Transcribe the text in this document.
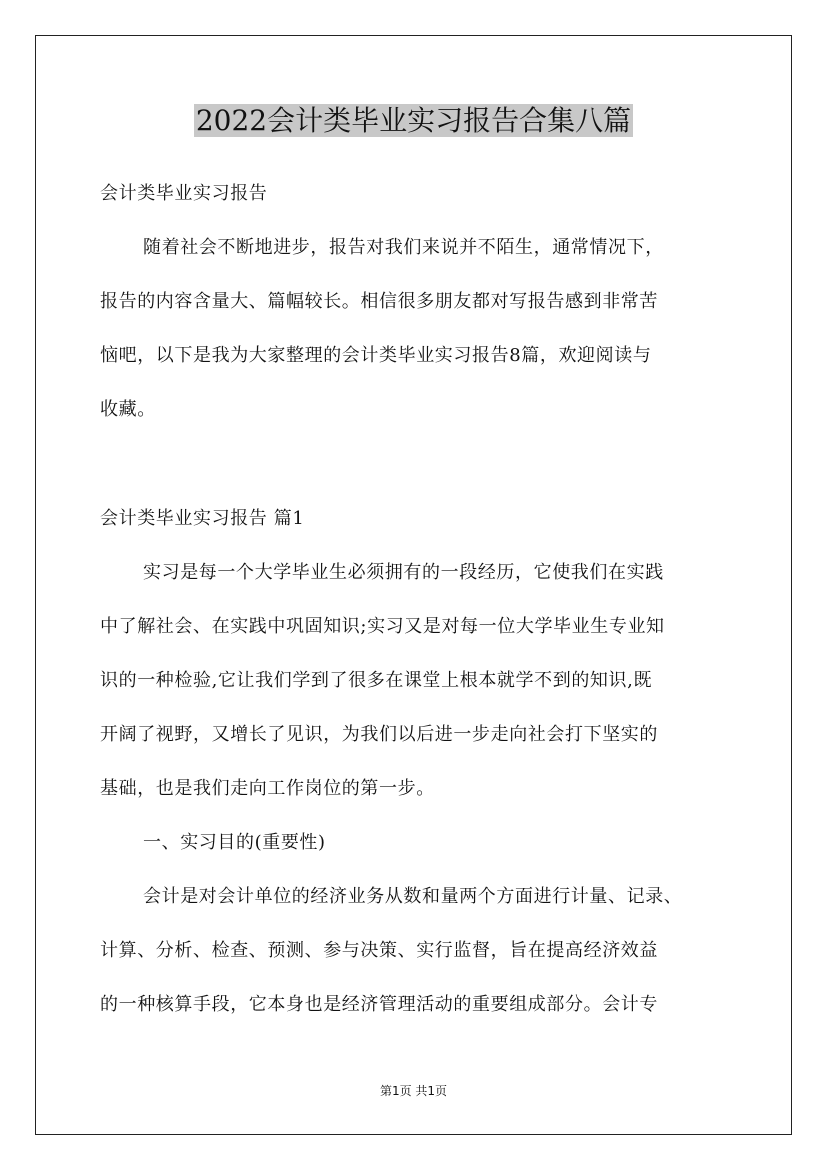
2022会计类毕业实习报告合集八篇
会计类毕业实习报告
随着社会不断地进步，报告对我们来说并不陌生，通常情况下，
报告的内容含量大、篇幅较长。相信很多朋友都对写报告感到非常苦
恼吧，以下是我为大家整理的会计类毕业实习报告8篇，欢迎阅读与
收藏。
会计类毕业实习报告 篇1
实习是每一个大学毕业生必须拥有的一段经历，它使我们在实践
中了解社会、在实践中巩固知识;实习又是对每一位大学毕业生专业知
识的一种检验,它让我们学到了很多在课堂上根本就学不到的知识,既
开阔了视野，又增长了见识，为我们以后进一步走向社会打下坚实的
基础，也是我们走向工作岗位的第一步。
一、实习目的(重要性)
会计是对会计单位的经济业务从数和量两个方面进行计量、记录、
计算、分析、检查、预测、参与决策、实行监督，旨在提高经济效益
的一种核算手段，它本身也是经济管理活动的重要组成部分。会计专
第1页 共1页
